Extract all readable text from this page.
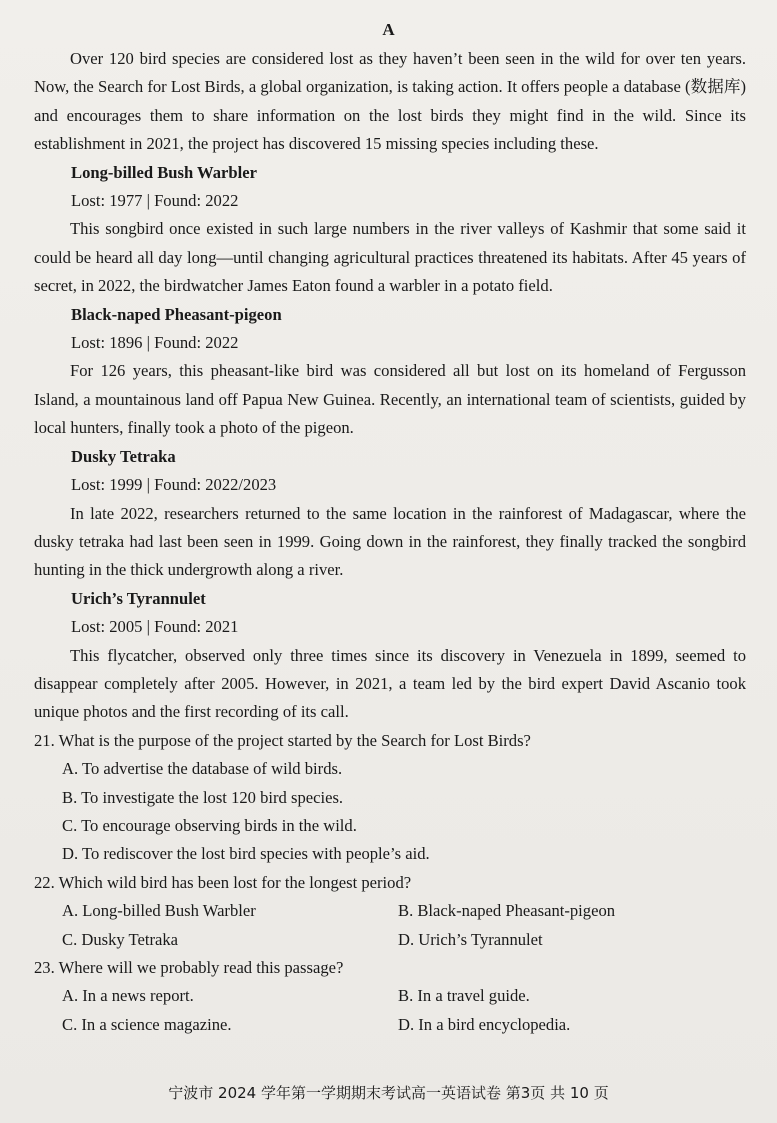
A

Over 120 bird species are considered lost as they haven’t been seen in the wild for over ten years. Now, the Search for Lost Birds, a global organization, is taking action. It offers people a database (数据库) and encourages them to share information on the lost birds they might find in the wild. Since its establishment in 2021, the project has discovered 15 missing species including these.

Long-billed Bush Warbler

Lost: 1977 | Found: 2022

This songbird once existed in such large numbers in the river valleys of Kashmir that some said it could be heard all day long—until changing agricultural practices threatened its habitats. After 45 years of secret, in 2022, the birdwatcher James Eaton found a warbler in a potato field.

Black-naped Pheasant-pigeon

Lost: 1896 | Found: 2022

For 126 years, this pheasant-like bird was considered all but lost on its homeland of Fergusson Island, a mountainous land off Papua New Guinea. Recently, an international team of scientists, guided by local hunters, finally took a photo of the pigeon.

Dusky Tetraka

Lost: 1999 | Found: 2022/2023

In late 2022, researchers returned to the same location in the rainforest of Madagascar, where the dusky tetraka had last been seen in 1999. Going down in the rainforest, they finally tracked the songbird hunting in the thick undergrowth along a river.

Urich’s Tyrannulet

Lost: 2005 | Found: 2021

This flycatcher, observed only three times since its discovery in Venezuela in 1899, seemed to disappear completely after 2005. However, in 2021, a team led by the bird expert David Ascanio took unique photos and the first recording of its call.

21. What is the purpose of the project started by the Search for Lost Birds?

A. To advertise the database of wild birds.

B. To investigate the lost 120 bird species.

C. To encourage observing birds in the wild.

D. To rediscover the lost bird species with people’s aid.

22. Which wild bird has been lost for the longest period?

A. Long-billed Bush Warbler	B. Black-naped Pheasant-pigeon
C. Dusky Tetraka	D. Urich’s Tyrannulet

23. Where will we probably read this passage?

A. In a news report.	B. In a travel guide.
C. In a science magazine.	D. In a bird encyclopedia.
宁波市 2024 学年第一学期期末考试高一英语试卷 第3页 共 10 页
